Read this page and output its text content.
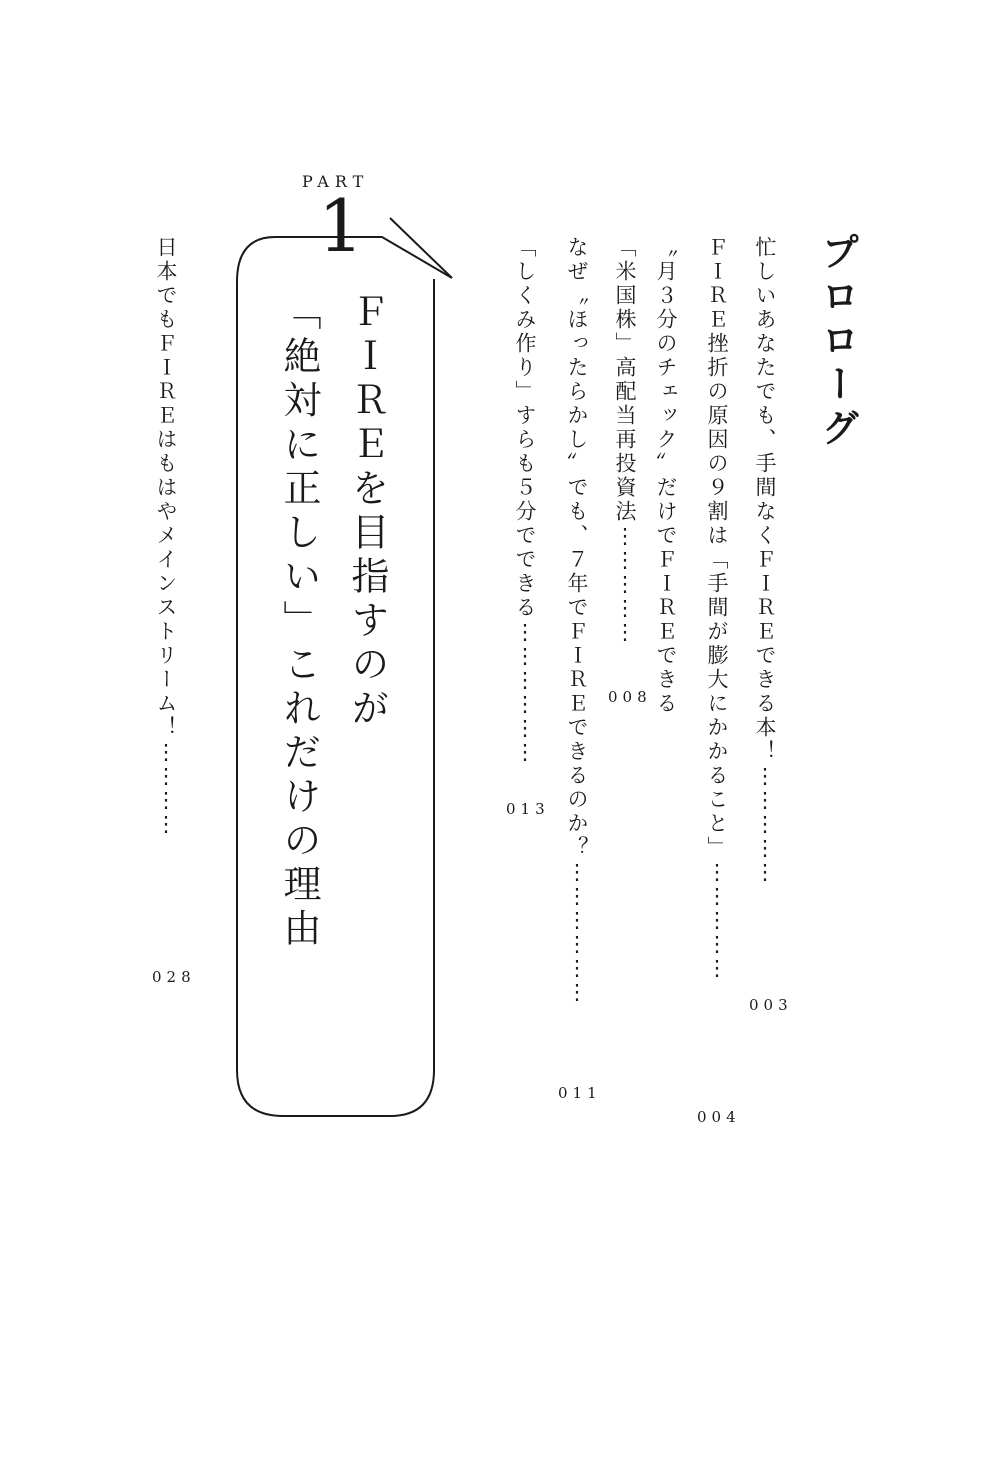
プロローグ
忙しいあなたでも、手間なくＦＩＲＥできる本！⋮⋮⋮⋮⋮
003
ＦＩＲＥ挫折の原因の９割は「手間が膨大にかかること」⋮⋮⋮⋮⋮
004
〝月３分のチェック〟だけでＦＩＲＥできる
「米国株」高配当再投資法⋮⋮⋮⋮⋮
008
なぜ〝ほったらかし〟でも、７年でＦＩＲＥできるのか？⋮⋮⋮⋮⋮⋮
011
「しくみ作り」すらも５分でできる⋮⋮⋮⋮⋮⋮
013
PART
1
ＦＩＲＥを目指すのが
「絶対に正しい」これだけの理由
日本でもＦＩＲＥはもはやメインストリーム！⋮⋮⋮⋮
028
